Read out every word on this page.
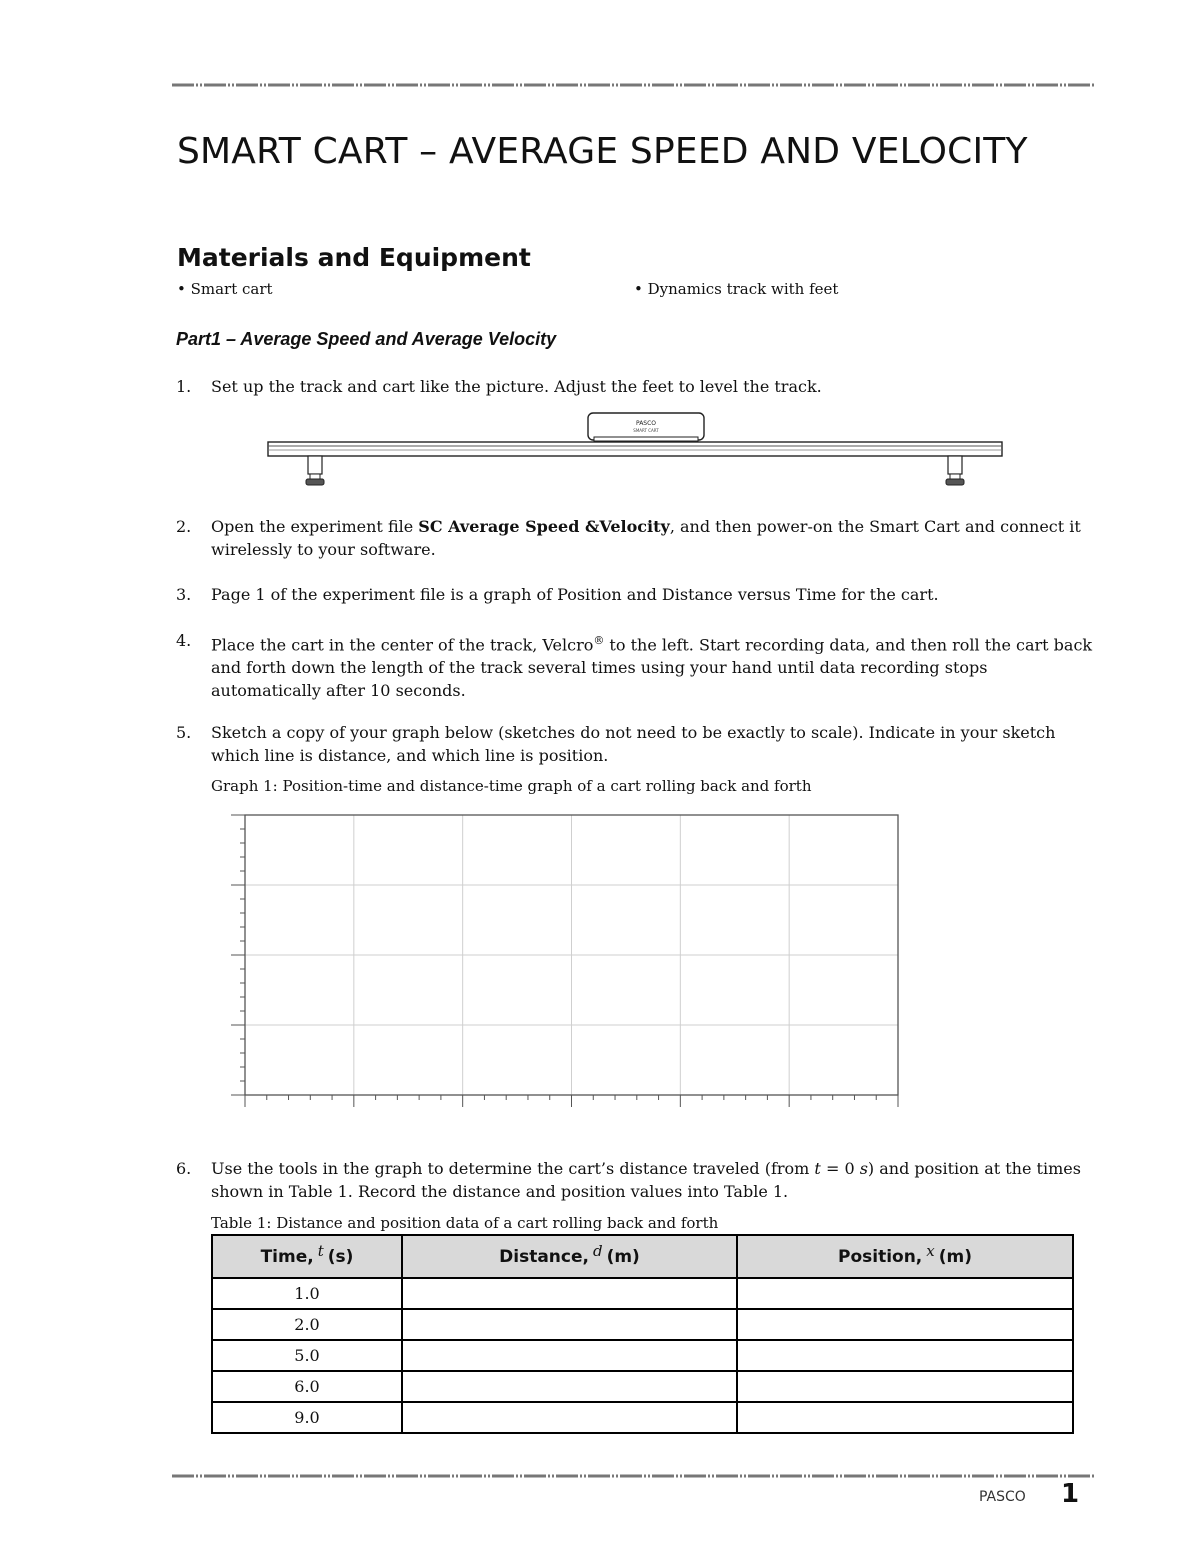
SMART CART – AVERAGE SPEED AND VELOCITY
Materials and Equipment
• Smart cart	• Dynamics track with feet
Part1 – Average Speed and Average Velocity
1. Set up the track and cart like the picture. Adjust the feet to level the track.
PASCO
SMART CART
2. Open the experiment file SC Average Speed &Velocity, and then power-on the Smart Cart and connect it wirelessly to your software.
3. Page 1 of the experiment file is a graph of Position and Distance versus Time for the cart.
4. Place the cart in the center of the track, Velcro® to the left. Start recording data, and then roll the cart back and forth down the length of the track several times using your hand until data recording stops automatically after 10 seconds.
5. Sketch a copy of your graph below (sketches do not need to be exactly to scale). Indicate in your sketch which line is distance, and which line is position.
Graph 1: Position-time and distance-time graph of a cart rolling back and forth
6. Use the tools in the graph to determine the cart’s distance traveled (from t = 0 s) and position at the times shown in Table 1. Record the distance and position values into Table 1.
Table 1: Distance and position data of a cart rolling back and forth
Time, t (s)	Distance, d (m)	Position, x (m)
1.0		
2.0		
5.0		
6.0		
9.0		
PASCO 1
